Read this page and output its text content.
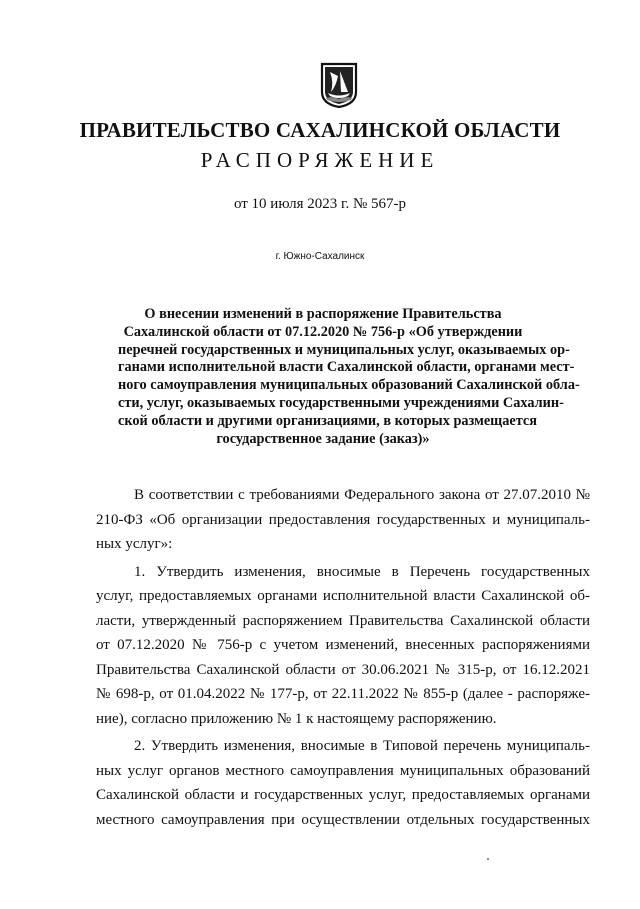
ПРАВИТЕЛЬСТВО САХАЛИНСКОЙ ОБЛАСТИ
РАСПОРЯЖЕНИЕ
от 10 июля 2023 г. № 567-р
г. Южно-Сахалинск
О внесении изменений в распоряжение Правительства
Сахалинской области от 07.12.2020 № 756-р «Об утверждении
перечней государственных и муниципальных услуг, оказываемых ор-
ганами исполнительной власти Сахалинской области, органами мест-
ного самоуправления муниципальных образований Сахалинской обла-
сти, услуг, оказываемых государственными учреждениями Сахалин-
ской области и другими организациями, в которых размещается
государственное задание (заказ)»
В соответствии с требованиями Федерального закона от 27.07.2010 №
210-ФЗ «Об организации предоставления государственных и муниципаль-
ных услуг»:
1. Утвердить изменения, вносимые в Перечень государственных
услуг, предоставляемых органами исполнительной власти Сахалинской об-
ласти, утвержденный распоряжением Правительства Сахалинской области
от 07.12.2020 № 756-р с учетом изменений, внесенных распоряжениями
Правительства Сахалинской области от 30.06.2021 № 315-р, от 16.12.2021
№ 698-р, от 01.04.2022 № 177-р, от 22.11.2022 № 855-р (далее - распоряже-
ние), согласно приложению № 1 к настоящему распоряжению.
2. Утвердить изменения, вносимые в Типовой перечень муниципаль-
ных услуг органов местного самоуправления муниципальных образований
Сахалинской области и государственных услуг, предоставляемых органами
местного самоуправления при осуществлении отдельных государственных
